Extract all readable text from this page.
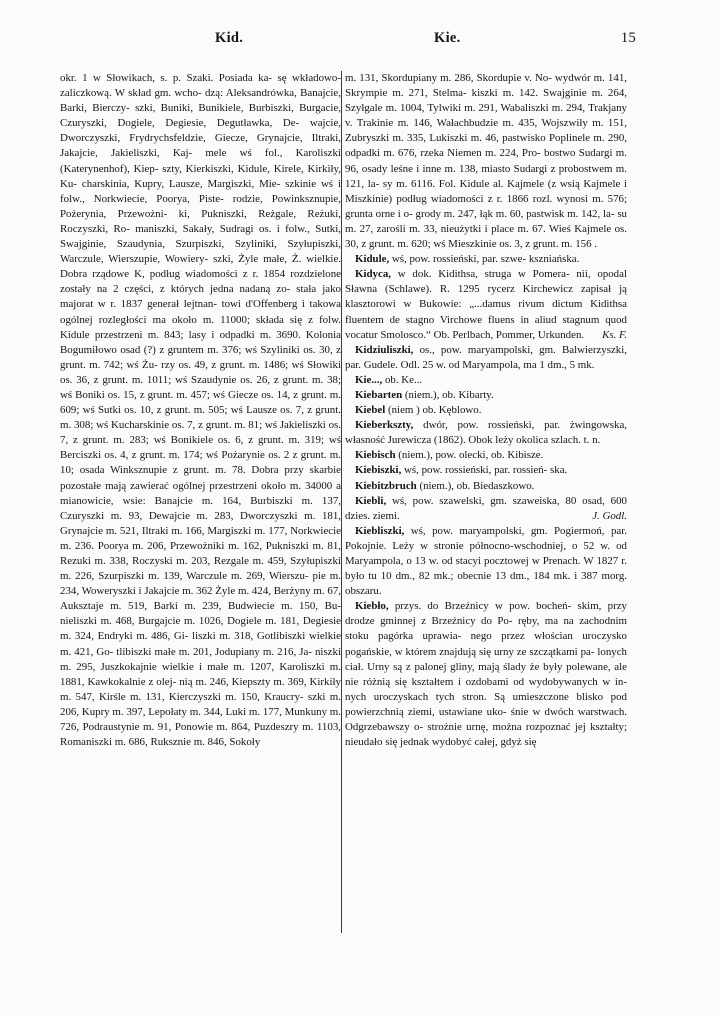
Kid.	Kie.	15

okr. 1 w Słowikach, s. p. Szaki. Posiada ka- sę wkładowo-zaliczkową. W skład gm. wcho- dzą: Aleksandrówka, Banajcie, Barki, Bierczy- szki, Buniki, Bunikiele, Burbiszki, Burgacie, Czuryszki, Dogiele, Degiesie, Degutławka, De- wajcie, Dworczyszki, Frydrychsfeldzie, Giecze, Grynajcie, Iltraki, Jakajcie, Jakieliszki, Kaj- mele wś fol., Karoliszki (Katerynenhof), Kiep- szty, Kierkiszki, Kidule, Kirele, Kirkiły, Ku- charskinia, Kupry, Lausze, Margiszki, Mie- szkinie wś i folw., Norkwiecie, Poorya, Piste- rodzie, Powinksznupie, Pożerynia, Przewożni- ki, Pukniszki, Reżgale, Reżuki, Roczyszki, Ro- maniszki, Sakały, Sudragi os. i folw., Sutki, Swajginie, Szaudynia, Szurpiszki, Szyliniki, Szyłupiszki, Warczule, Wierszupie, Wowiery- szki, Żyle małe, Ż. wielkie. Dobra rządowe K, podług wiadomości z r. 1854 rozdzielone zostały na 2 części, z których jedna nadaną zo- stała jako majorat w r. 1837 generał lejtnan- towi d'Offenberg i takowa ogólnej rozległości ma około m. 11000; składa się z folw. Kidule przestrzeni m. 843; lasy i odpadki m. 3690. Kolonia Bogumiłowo osad (?) z gruntem m. 376; wś Szyliniki os. 30, z grunt. m. 742; wś Żu- rzy os. 49, z grunt. m. 1486; wś Słowiki os. 36, z grunt. m. 1011; wś Szaudynie os. 26, z grunt. m. 38; wś Boniki os. 15, z grunt. m. 457; wś Giecze os. 14, z grunt. m. 609; wś Sutki os. 10, z grunt. m. 505; wś Lausze os. 7, z grunt. m. 308; wś Kucharskinie os. 7, z grunt. m. 81; wś Jakieliszki os. 7, z grunt. m. 283; wś Bonikiele os. 6, z grunt. m. 319; wś Berciszki os. 4, z grunt. m. 174; wś Pożarynie os. 2 z grunt. m. 10; osada Winksznupie z grunt. m. 78. Dobra przy skarbie pozostałe mają zawierać ogólnej przestrzeni około m. 34000 a mianowicie, wsie: Banajcie m. 164, Burbiszki m. 137, Czuryszki m. 93, Dewajcie m. 283, Dworczyszki m. 181, Grynajcie m. 521, Iltraki m. 166, Margiszki m. 177, Norkwiecie m. 236. Poorya m. 206, Przewożniki m. 162, Pukniszki m. 81, Rezuki m. 338, Roczyski m. 203, Rezgale m. 459, Szyłupiszki m. 226, Szurpiszki m. 139, Warczule m. 269, Wierszu- pie m. 234, Woweryszki i Jakajcie m. 362 Żyle m. 424, Berżyny m. 67, Auksztaje m. 519, Barki m. 239, Budwiecie m. 150, Bu- nieliszki m. 468, Burgajcie m. 1026, Dogiele m. 181, Degiesie m. 324, Endryki m. 486, Gi- liszki m. 318, Gotlibiszki wielkie m. 421, Go- tlibiszki małe m. 201, Jodupiany m. 216, Ja- niszki m. 295, Juszkokajnie wielkie i małe m. 1207, Karoliszki m. 1881, Kawkokalnie z olej- nią m. 246, Kiepszty m. 369, Kirkiły m. 547, Kirśle m. 131, Kierczyszki m. 150, Kraucry- szki m. 206, Kupry m. 397, Lepołaty m. 344, Luki m. 177, Munkuny m. 726, Podraustynie m. 91, Ponowie m. 864, Puzdeszry m. 1103, Romaniszki m. 686, Rukszniе m. 846, Sokoły

m. 131, Skordupiany m. 286, Skordupie v. No- wydwór m. 141, Skrympie m. 271, Stelma- kiszki m. 142. Swajginie m. 264, Szyłgale m. 1004, Tylwiki m. 291, Wabaliszki m. 294, Trakjany v. Trakinie m. 146, Wałachbudzie m. 435, Wojszwiły m. 151, Zubryszki m. 335, Lukiszki m. 46, pastwisko Poplinele m. 290, odpadki m. 676, rzeka Niemen m. 224, Pro- bostwo Sudargi m. 96, osady leśne i inne m. 138, miasto Sudargi z probostwem m. 121, la- sy m. 6116. Fol. Kidule al. Kajmele (z wsią Kajmele i Miszkinie) podług wiadomości z r. 1866 rozl. wynosi m. 576; grunta orne i o- grody m. 247, łąk m. 60, pastwisk m. 142, la- su m. 27, zarośli m. 33, nieużytki i place m. 67. Wieś Kajmele os. 30, z grunt. m. 620; wś Mieszkinie os. 3, z grunt. m. 156 .

Kidule, wś, pow. rossieński, par. szwe- kszniańska.

Kidyca, w dok. Kidithsa, struga w Pomera- nii, opodal Sławna (Schlawe). R. 1295 rycerz Kirchewicz zapisał ją klasztorowi w Bukowie: „...damus rivum dictum Kidithsa fluentem de stagno Virchowe fluens in aliud stagnum quod vocatur Smolosco.“ Ob. Perlbach, Pommer, Urkunden.	Ks. F.

Kidziuliszki, os., pow. maryampolski, gm. Balwierzyszki, par. Gudele. Odl. 25 w. od Maryampola, ma 1 dm., 5 mk.

Kie..., ob. Ke...

Kiebarten (niem.), ob. Kibarty.

Kiebel (niem ) ob. Kęblowo.

Kieberkszty, dwór, pow. rossieński, par. żwingowska, własność Jurewicza (1862). Obok leży okolica szlach. t. n.

Kiebisch (niem.), pow. olecki, ob. Kibisze.

Kiebiszki, wś, pow. rossieński, par. rossień- ska.

Kiebitzbruch (niem.), ob. Biedaszkowo.

Kiebli, wś, pow. szawelski, gm. szaweiska, 80 osad, 600 dzies. ziemi.	J. Godl.

Kiebliszki, wś, pow. maryampolski, gm. Pogiermoń, par. Pokojnie. Leży w stronie północno-wschodniej, o 52 w. od Maryampola, o 13 w. od stacyi pocztowej w Prenach. W 1827 r. było tu 10 dm., 82 mk.; obecnie 13 dm., 184 mk. i 387 morg. obszaru.

Kiebło, przys. do Brzeźnicy w pow. bocheń- skim, przy drodze gminnej z Brzeźnicy do Po- ręby, ma na zachodnim stoku pagórka uprawia- nego przez włościan uroczysko pogańskie, w którem znajdują się urny ze szczątkami pa- lonych ciał. Urny są z palonej gliny, mają ślady że były polewane, ale nie różnią się kształtem i ozdobami od wydobywanych w in- nych uroczyskach tych stron. Są umieszczone blisko pod powierzchnią ziemi, ustawiane uko- śnie w dwóch warstwach. Odgrzebawszy o- strożnie urnę, można rozpoznać jej kształty; nieudało się jednak wydobyć całej, gdyż się
